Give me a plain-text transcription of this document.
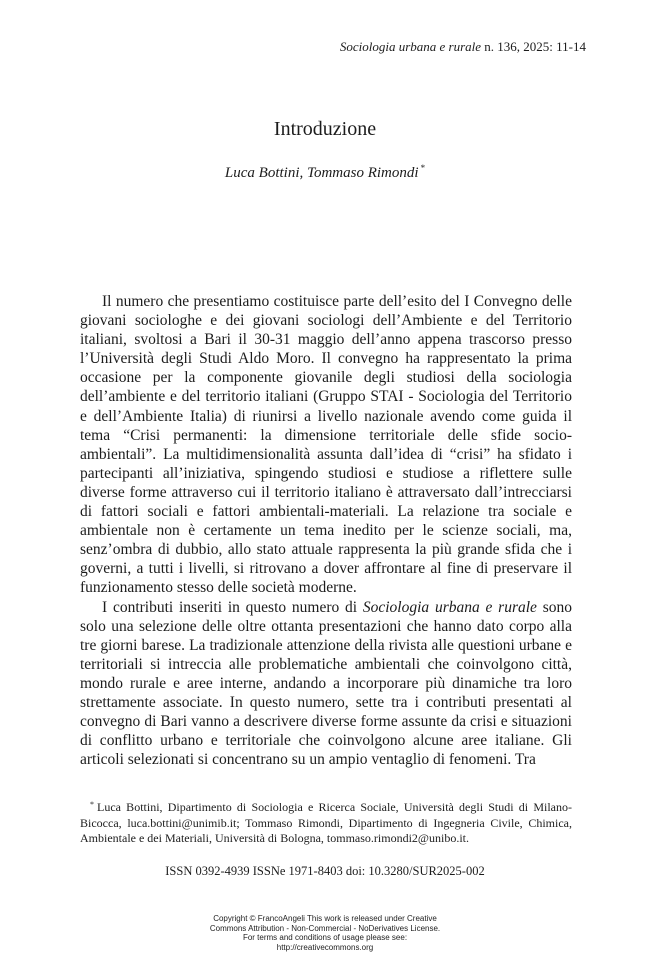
Sociologia urbana e rurale n. 136, 2025: 11-14
Introduzione
Luca Bottini, Tommaso Rimondi *

Il numero che presentiamo costituisce parte dell’esito del I Convegno delle giovani sociologhe e dei giovani sociologi dell’Ambiente e del Territorio italiani, svoltosi a Bari il 30-31 maggio dell’anno appena trascorso presso l’Università degli Studi Aldo Moro. Il convegno ha rappresentato la prima occasione per la componente giovanile degli studiosi della sociologia dell’ambiente e del territorio italiani (Gruppo STAI - Sociologia del Territorio e dell’Ambiente Italia) di riunirsi a livello nazionale avendo come guida il tema “Crisi permanenti: la dimensione territoriale delle sfide socio-ambientali”. La multidimensionalità assunta dall’idea di “crisi” ha sfidato i partecipanti all’iniziativa, spingendo studiosi e studiose a riflettere sulle diverse forme attraverso cui il territorio italiano è attraversato dall’intrecciarsi di fattori sociali e fattori ambientali-materiali. La relazione tra sociale e ambientale non è certamente un tema inedito per le scienze sociali, ma, senz’ombra di dubbio, allo stato attuale rappresenta la più grande sfida che i governi, a tutti i livelli, si ritrovano a dover affrontare al fine di preservare il funzionamento stesso delle società moderne.

I contributi inseriti in questo numero di Sociologia urbana e rurale sono solo una selezione delle oltre ottanta presentazioni che hanno dato corpo alla tre giorni barese. La tradizionale attenzione della rivista alle questioni urbane e territoriali si intreccia alle problematiche ambientali che coinvolgono città, mondo rurale e aree interne, andando a incorporare più dinamiche tra loro strettamente associate. In questo numero, sette tra i contributi presentati al convegno di Bari vanno a descrivere diverse forme assunte da crisi e situazioni di conflitto urbano e territoriale che coinvolgono alcune aree italiane. Gli articoli selezionati si concentrano su un ampio ventaglio di fenomeni. Tra

* Luca Bottini, Dipartimento di Sociologia e Ricerca Sociale, Università degli Studi di Milano-Bicocca, luca.bottini@unimib.it; Tommaso Rimondi, Dipartimento di Ingegneria Civile, Chimica, Ambientale e dei Materiali, Università di Bologna, tommaso.rimondi2@unibo.it.
ISSN 0392-4939 ISSNe 1971-8403 doi: 10.3280/SUR2025-002
Copyright © FrancoAngeli This work is released under Creative
Commons Attribution - Non-Commercial - NoDerivatives License.
For terms and conditions of usage please see:
http://creativecommons.org
